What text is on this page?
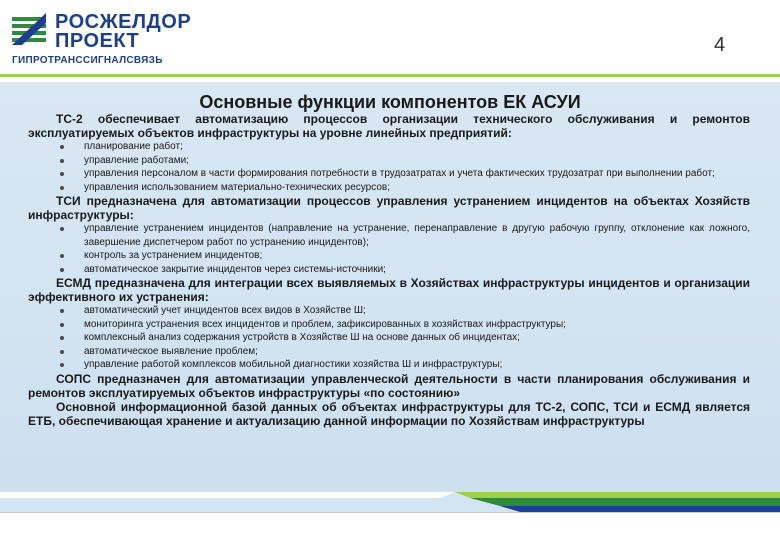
РОСЖЕЛДОР
ПРОЕКТ
ГИПРОТРАНССИГНАЛСВЯЗЬ
4
Основные функции компонентов ЕК АСУИ

ТС-2 обеспечивает автоматизацию процессов организации технического обслуживания и ремонтов эксплуатируемых объектов инфраструктуры на уровне линейных предприятий:

планирование работ;
управление работами;
управления персоналом в части формирования потребности в трудозатратах и учета фактических трудозатрат при выполнении работ;
управления использованием материально-технических ресурсов;

ТСИ предназначена для автоматизации процессов управления устранением инцидентов на объектах Хозяйств инфраструктуры:

управление устранением инцидентов (направление на устранение, перенаправление в другую рабочую группу, отклонение как ложного, завершение диспетчером работ по устранению инцидентов);
контроль за устранением инцидентов;
автоматическое закрытие инцидентов через системы-источники;

ЕСМД предназначена для интеграции всех выявляемых в Хозяйствах инфраструктуры инцидентов и организации эффективного их устранения:

автоматический учет инцидентов всех видов в Хозяйстве Ш;
мониторинга устранения всех инцидентов и проблем, зафиксированных в хозяйствах инфраструктуры;
комплексный анализ содержания устройств в Хозяйстве Ш на основе данных об инцидентах;
автоматическое выявление проблем;
управление работой комплексов мобильной диагностики хозяйства Ш и инфраструктуры;

СОПС предназначен для автоматизации управленческой деятельности в части планирования обслуживания и ремонтов эксплуатируемых объектов инфраструктуры «по состоянию»

Основной информационной базой данных об объектах инфраструктуры для ТС-2, СОПС, ТСИ и ЕСМД является ЕТБ, обеспечивающая хранение и актуализацию данной информации по Хозяйствам инфраструктуры
